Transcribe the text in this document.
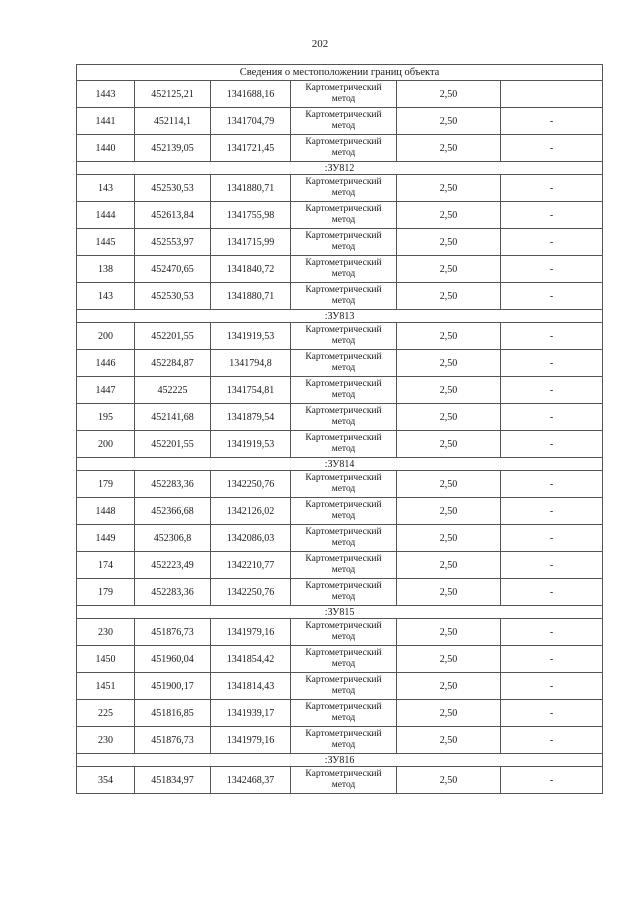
202
Сведения о местоположении границ объекта					
1443	452125,21	1341688,16	Картометрический
метод	2,50	
1441	452114,1	1341704,79	Картометрический
метод	2,50	-
1440	452139,05	1341721,45	Картометрический
метод	2,50	-
:ЗУ812					
143	452530,53	1341880,71	Картометрический
метод	2,50	-
1444	452613,84	1341755,98	Картометрический
метод	2,50	-
1445	452553,97	1341715,99	Картометрический
метод	2,50	-
138	452470,65	1341840,72	Картометрический
метод	2,50	-
143	452530,53	1341880,71	Картометрический
метод	2,50	-
:ЗУ813					
200	452201,55	1341919,53	Картометрический
метод	2,50	-
1446	452284,87	1341794,8	Картометрический
метод	2,50	-
1447	452225	1341754,81	Картометрический
метод	2,50	-
195	452141,68	1341879,54	Картометрический
метод	2,50	-
200	452201,55	1341919,53	Картометрический
метод	2,50	-
:ЗУ814					
179	452283,36	1342250,76	Картометрический
метод	2,50	-
1448	452366,68	1342126,02	Картометрический
метод	2,50	-
1449	452306,8	1342086,03	Картометрический
метод	2,50	-
174	452223,49	1342210,77	Картометрический
метод	2,50	-
179	452283,36	1342250,76	Картометрический
метод	2,50	-
:ЗУ815					
230	451876,73	1341979,16	Картометрический
метод	2,50	-
1450	451960,04	1341854,42	Картометрический
метод	2,50	-
1451	451900,17	1341814,43	Картометрический
метод	2,50	-
225	451816,85	1341939,17	Картометрический
метод	2,50	-
230	451876,73	1341979,16	Картометрический
метод	2,50	-
:ЗУ816					
354	451834,97	1342468,37	Картометрический
метод	2,50	-
